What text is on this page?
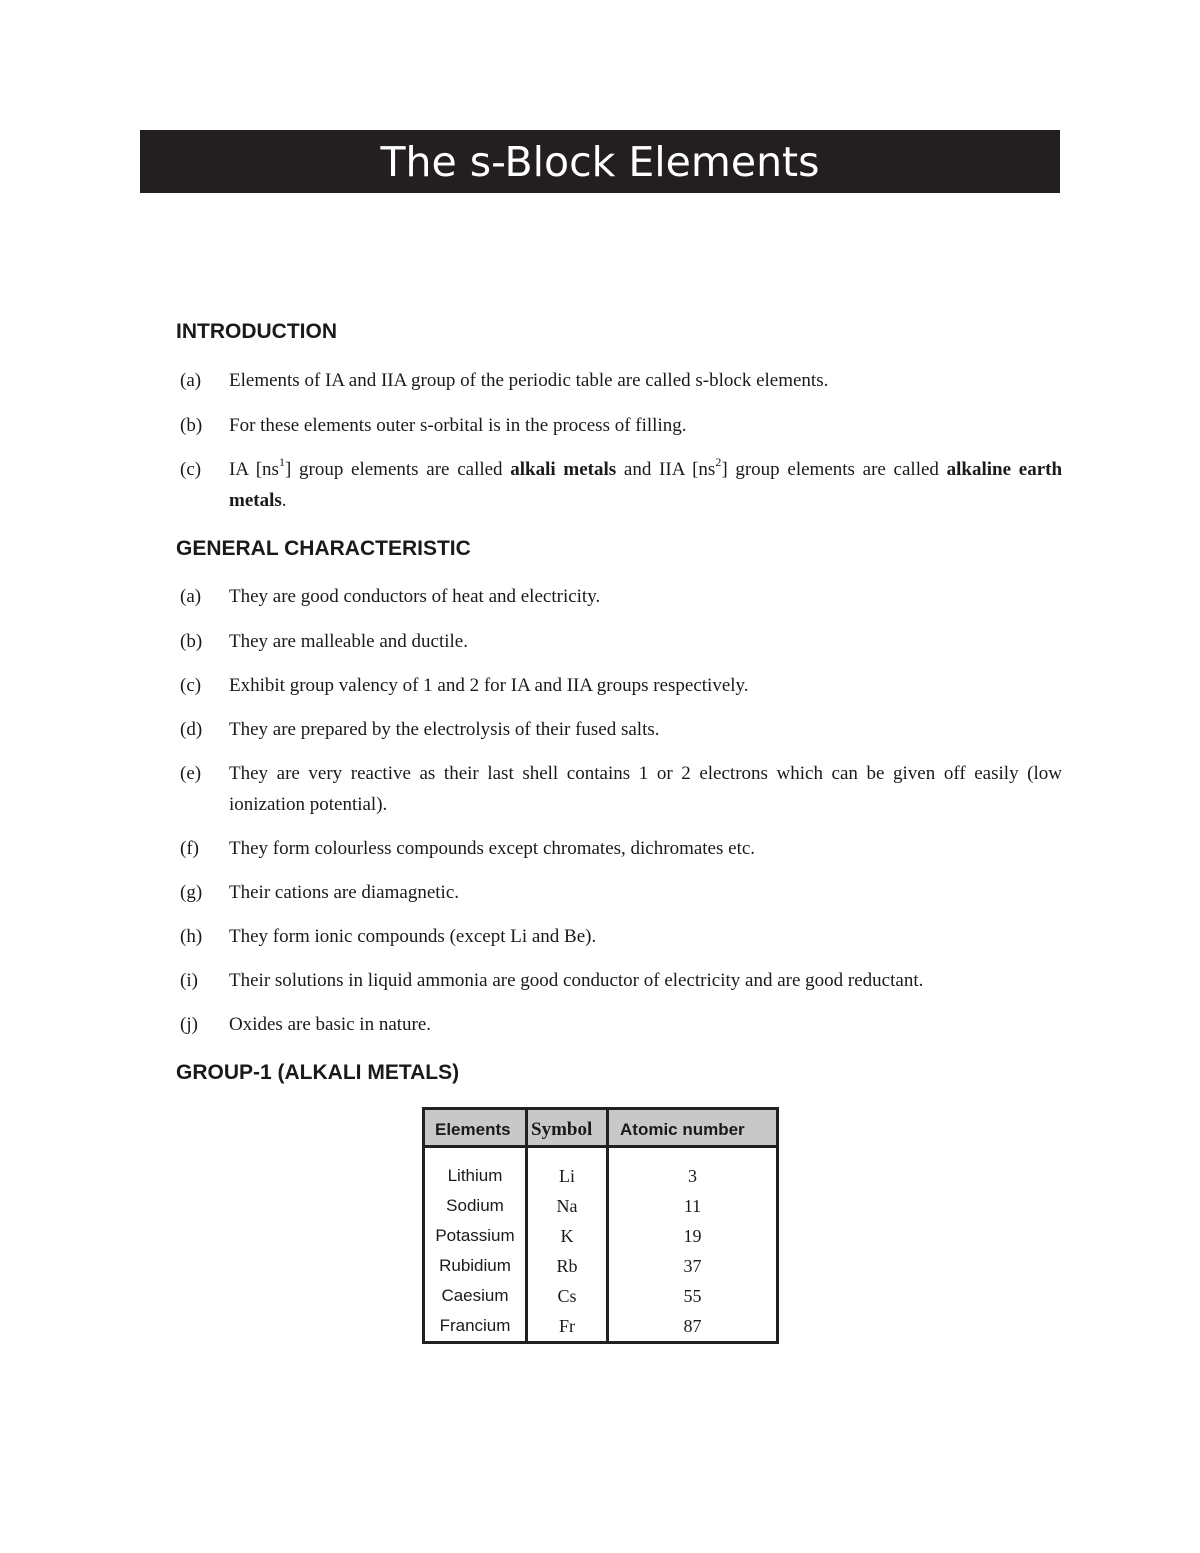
The s-Block Elements
INTRODUCTION
(a) Elements of IA and IIA group of the periodic table are called s-block elements.
(b) For these elements outer s-orbital is in the process of filling.
(c) IA $[ns^1]$ group elements are called alkali metals and IIA $[ns^2]$ group elements are called alkaline earth metals.
GENERAL CHARACTERISTIC
(a) They are good conductors of heat and electricity.
(b) They are malleable and ductile.
(c) Exhibit group valency of 1 and 2 for IA and IIA groups respectively.
(d) They are prepared by the electrolysis of their fused salts.
(e) They are very reactive as their last shell contains 1 or 2 electrons which can be given off easily (low ionization potential).
(f) They form colourless compounds except chromates, dichromates etc.
(g) Their cations are diamagnetic.
(h) They form ionic compounds (except Li and Be).
(i) Their solutions in liquid ammonia are good conductor of electricity and are good reductant.
(j) Oxides are basic in nature.
GROUP-1 (ALKALI METALS)
Elements Symbol Atomic number
Lithium	Li	3
Sodium	Na	11
Potassium	K	19
Rubidium	Rb	37
Caesium	Cs	55
Francium	Fr	87
